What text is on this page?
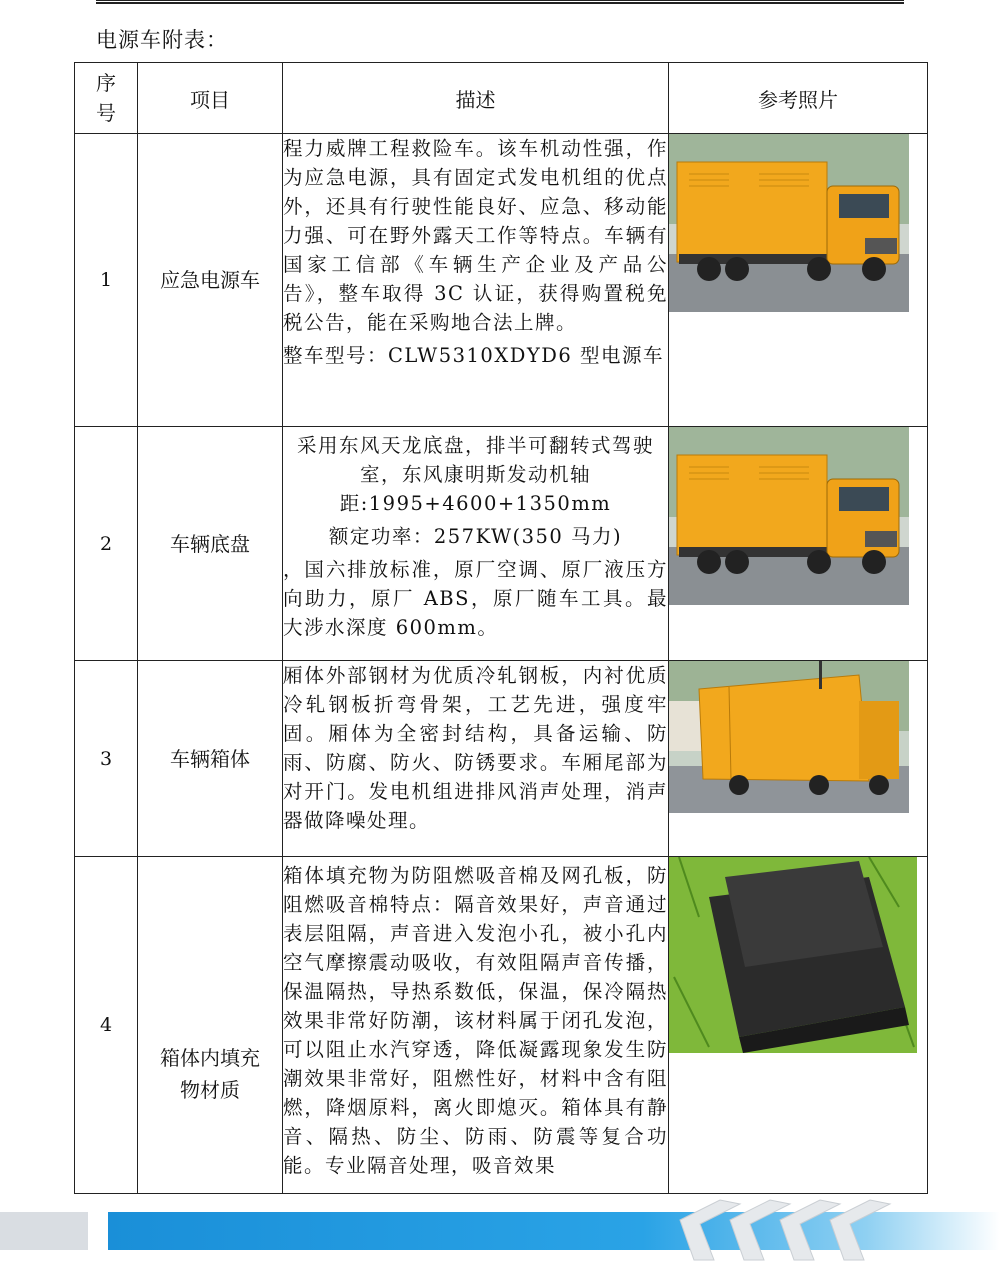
电源车附表：
序
号	项目	描述	参考照片
1	应急电源车	程力威牌工程救险车。该车机动性强，作为应急电源，具有固定式发电机组的优点外，还具有行驶性能良好、应急、移动能力强、可在野外露天工作等特点。车辆有国家工信部《车辆生产企业及产品公告》，整车取得 3C 认证，获得购置税免税公告，能在采购地合法上牌。

整车型号：CLW5310XDYD6 型电源车

2	车辆底盘	采用东风天龙底盘，排半可翻转式驾驶室，东风康明斯发动机轴距:1995+4600+1350mm

额定功率：257KW(350 马力)

，国六排放标准，原厂空调、原厂液压方向助力，原厂 ABS，原厂随车工具。最大涉水深度 600mm。

3	车辆箱体	厢体外部钢材为优质冷轧钢板，内衬优质冷轧钢板折弯骨架，工艺先进，强度牢固。厢体为全密封结构，具备运输、防雨、防腐、防火、防锈要求。车厢尾部为对开门。发电机组进排风消声处理，消声器做降噪处理。	

4	箱体内填充
物材质	箱体填充物为防阻燃吸音棉及网孔板，防阻燃吸音棉特点：隔音效果好，声音通过表层阻隔，声音进入发泡小孔，被小孔内空气摩擦震动吸收，有效阻隔声音传播，保温隔热，导热系数低，保温，保冷隔热效果非常好防潮，该材料属于闭孔发泡，可以阻止水汽穿透，降低凝露现象发生防潮效果非常好，阻燃性好，材料中含有阻燃，降烟原料，离火即熄灭。箱体具有静音、隔热、防尘、防雨、防震等复合功能。专业隔音处理，吸音效果	
